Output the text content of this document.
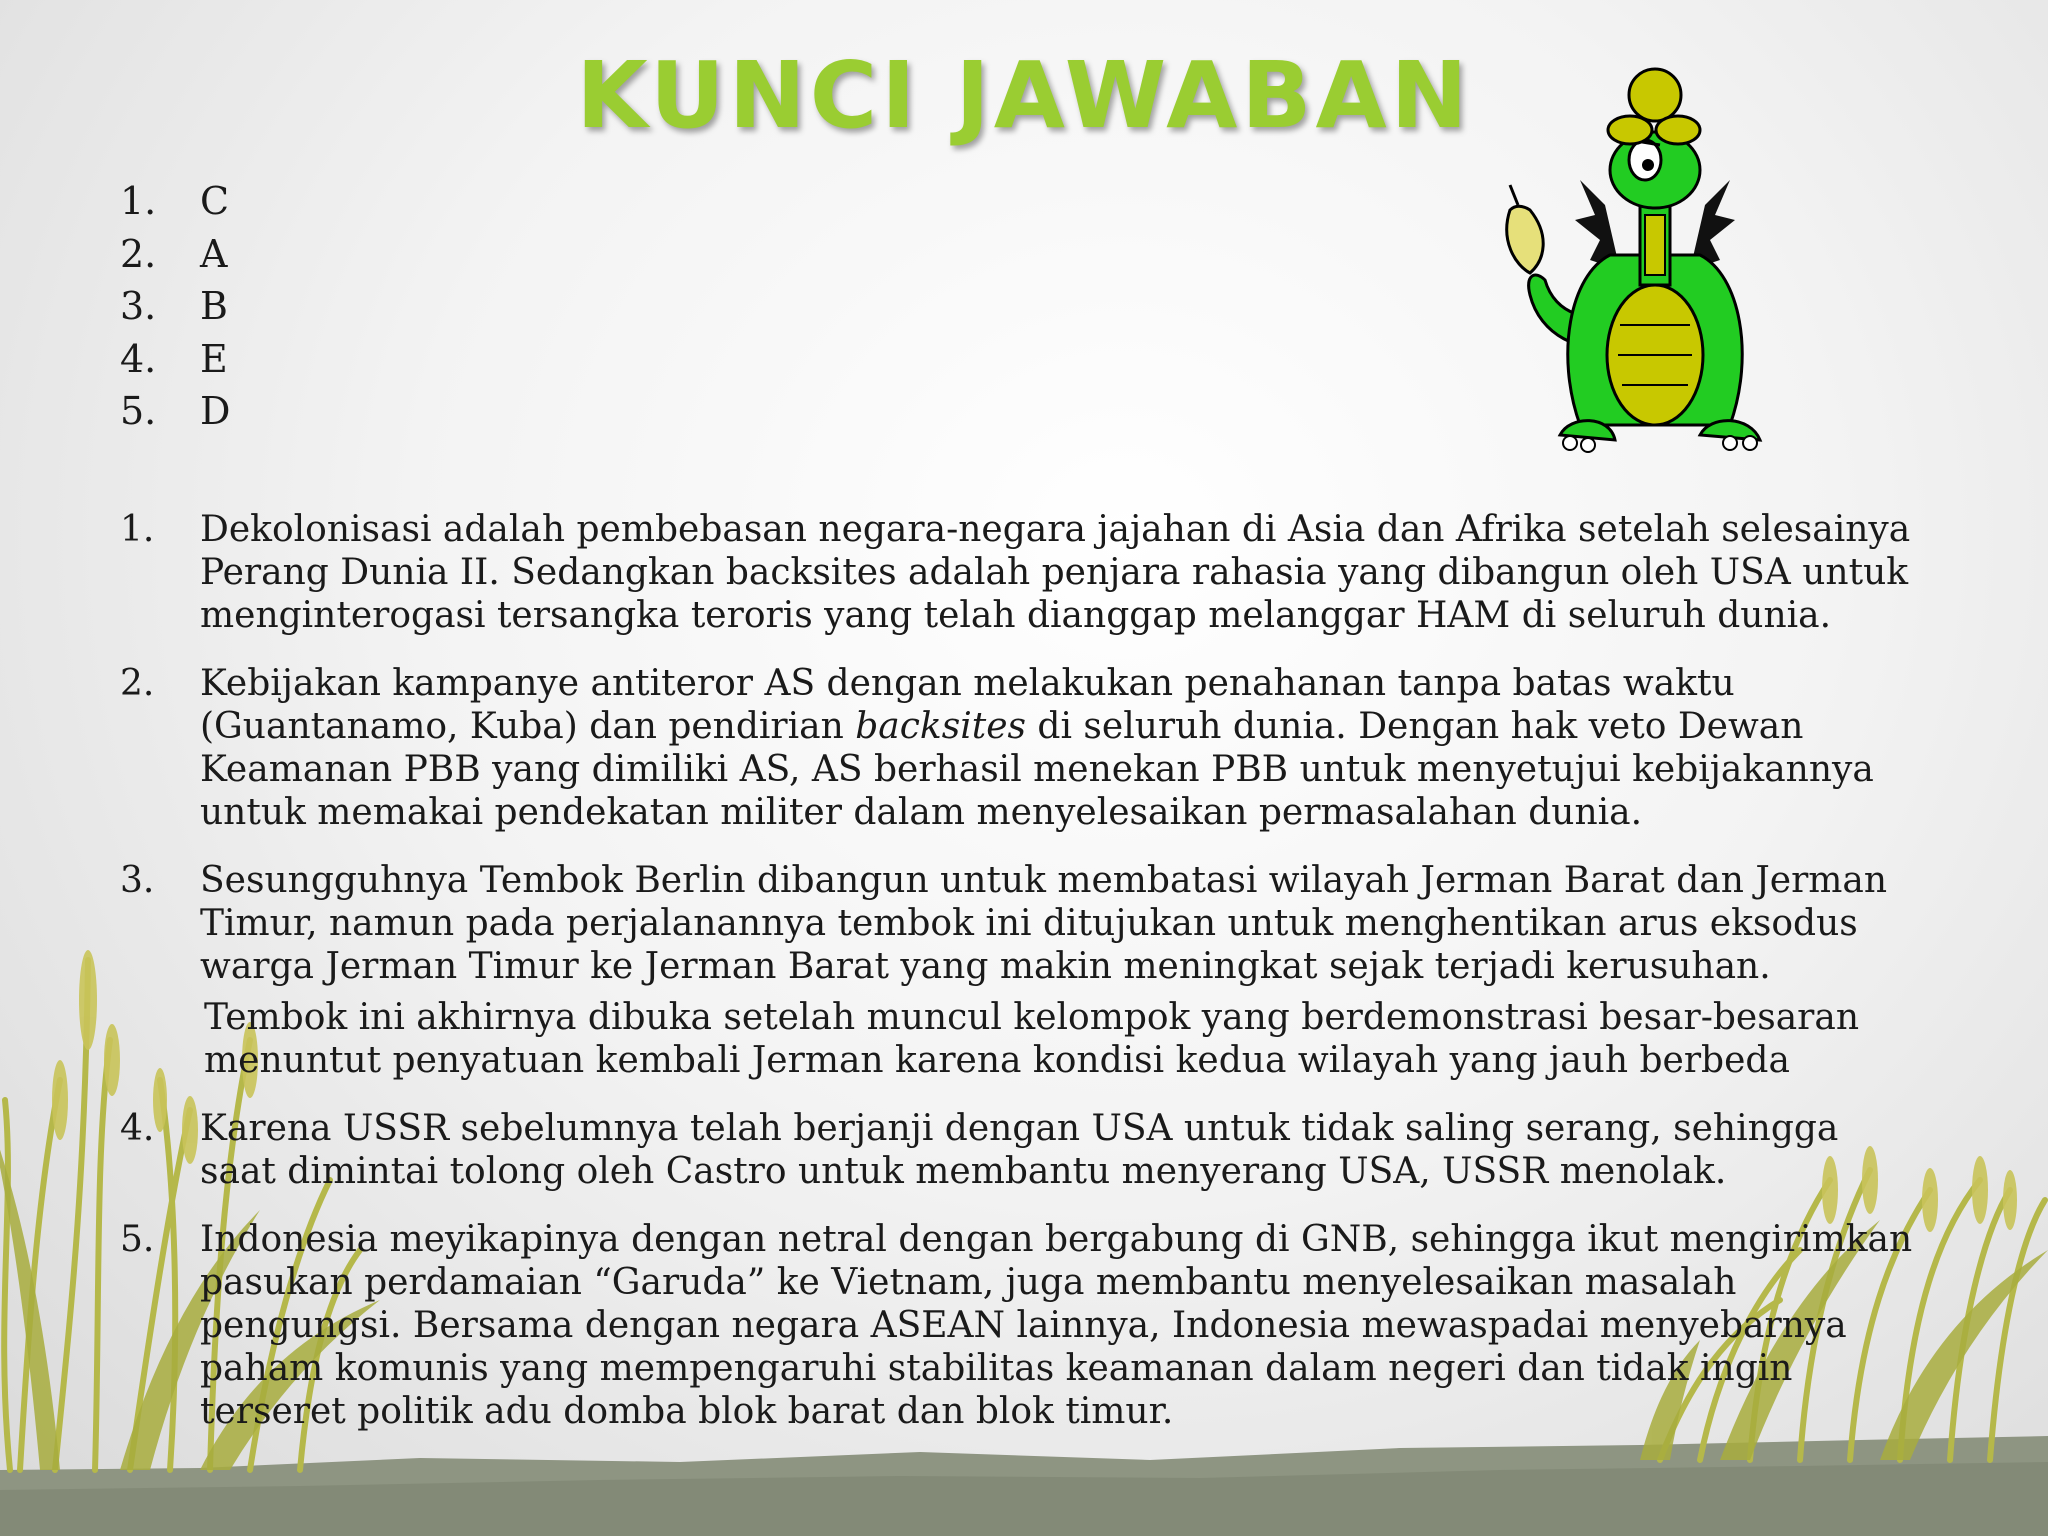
KUNCI JAWABAN
1.	C
2.	A
3.	B
4.	E
5.	D
1.	Dekolonisasi adalah pembebasan negara-negara jajahan di Asia dan Afrika setelah selesainya Perang Dunia II. Sedangkan backsites adalah penjara rahasia yang dibangun oleh USA untuk menginterogasi tersangka teroris yang telah dianggap melanggar HAM di seluruh dunia.

2.	Kebijakan kampanye antiteror AS dengan melakukan penahanan tanpa batas waktu (Guantanamo, Kuba) dan pendirian backsites di seluruh dunia. Dengan hak veto Dewan Keamanan PBB yang dimiliki AS, AS berhasil menekan PBB untuk menyetujui kebijakannya untuk memakai pendekatan militer dalam menyelesaikan permasalahan dunia.

3.	Sesungguhnya Tembok Berlin dibangun untuk membatasi wilayah Jerman Barat dan Jerman Timur, namun pada perjalanannya tembok ini ditujukan untuk menghentikan arus eksodus warga Jerman Timur ke Jerman Barat yang makin meningkat sejak terjadi kerusuhan.

Tembok ini akhirnya dibuka setelah muncul kelompok yang berdemonstrasi besar-besaran menuntut penyatuan kembali Jerman karena kondisi kedua wilayah yang jauh berbeda

4.	Karena USSR sebelumnya telah berjanji dengan USA untuk tidak saling serang, sehingga saat dimintai tolong oleh Castro untuk membantu menyerang USA, USSR menolak.

5.	Indonesia meyikapinya dengan netral dengan bergabung di GNB, sehingga ikut mengirimkan pasukan perdamaian “Garuda” ke Vietnam, juga membantu menyelesaikan masalah pengungsi. Bersama dengan negara ASEAN lainnya, Indonesia mewaspadai menyebarnya paham komunis yang mempengaruhi stabilitas keamanan dalam negeri dan tidak ingin terseret politik adu domba blok barat dan blok timur.
